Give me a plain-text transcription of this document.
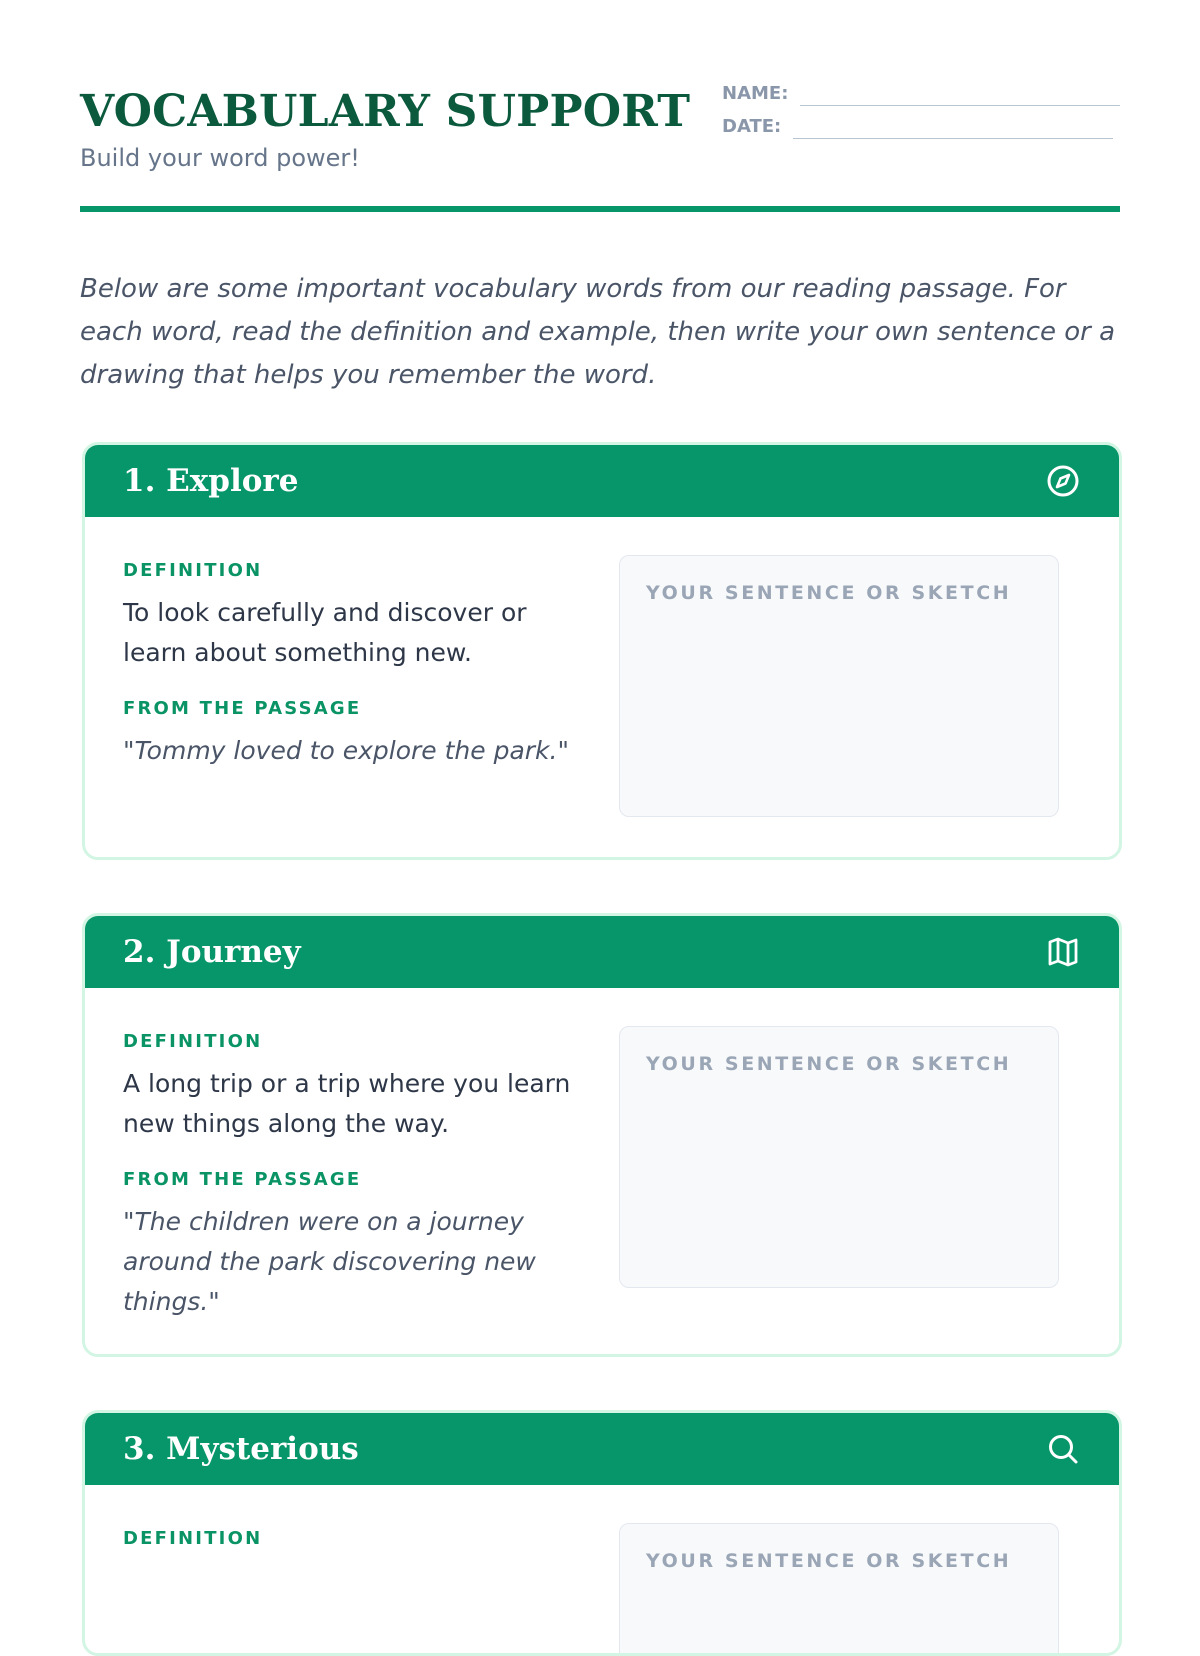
VOCABULARY SUPPORT
Build your word power!
NAME:
DATE:

Below are some important vocabulary words from our reading passage. For each word, read the definition and example, then write your own sentence or a drawing that helps you remember the word.

1. Explore
DEFINITION

To look carefully and discover or learn about something new.

FROM THE PASSAGE

"Tommy loved to explore the park."

YOUR SENTENCE OR SKETCH
2. Journey
DEFINITION

A long trip or a trip where you learn new things along the way.

FROM THE PASSAGE

"The children were on a journey around the park discovering new things."

YOUR SENTENCE OR SKETCH
3. Mysterious
DEFINITION
YOUR SENTENCE OR SKETCH
